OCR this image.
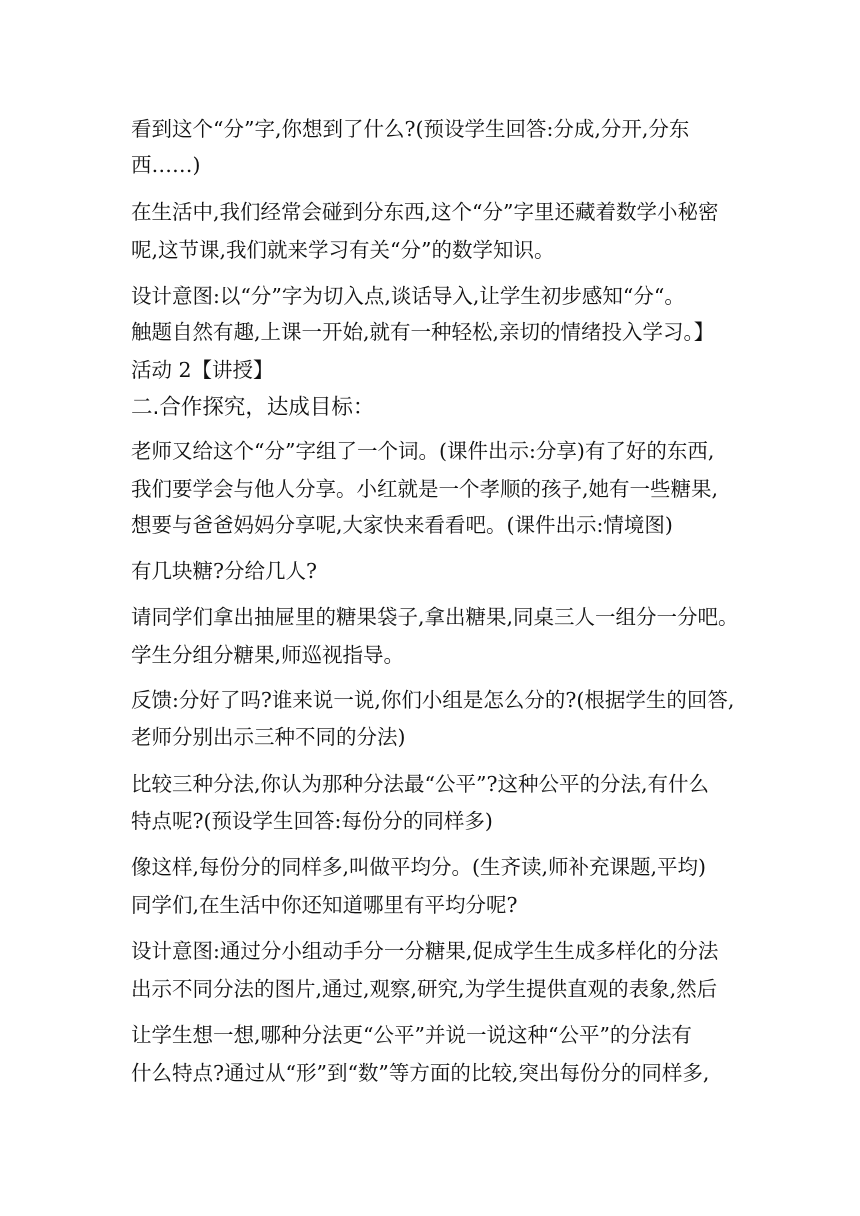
看到这个“分”字,你想到了什么?(预设学生回答:分成,分开,分东
西……)
在生活中,我们经常会碰到分东西,这个“分”字里还藏着数学小秘密
呢,这节课,我们就来学习有关“分”的数学知识。
设计意图:以“分”字为切入点,谈话导入,让学生初步感知“分“。
触题自然有趣,上课一开始,就有一种轻松,亲切的情绪投入学习。】
活动 2【讲授】
二.合作探究，达成目标：
老师又给这个“分”字组了一个词。(课件出示:分享)有了好的东西,
我们要学会与他人分享。小红就是一个孝顺的孩子,她有一些糖果,
想要与爸爸妈妈分享呢,大家快来看看吧。(课件出示:情境图)
有几块糖?分给几人?
请同学们拿出抽屉里的糖果袋子,拿出糖果,同桌三人一组分一分吧。
学生分组分糖果,师巡视指导。
反馈:分好了吗?谁来说一说,你们小组是怎么分的?(根据学生的回答,
老师分别出示三种不同的分法)
比较三种分法,你认为那种分法最“公平”?这种公平的分法,有什么
特点呢?(预设学生回答:每份分的同样多)
像这样,每份分的同样多,叫做平均分。(生齐读,师补充课题,平均)
同学们,在生活中你还知道哪里有平均分呢?
设计意图:通过分小组动手分一分糖果,促成学生生成多样化的分法
出示不同分法的图片,通过,观察,研究,为学生提供直观的表象,然后
让学生想一想,哪种分法更“公平”并说一说这种“公平”的分法有
什么特点?通过从“形”到“数”等方面的比较,突出每份分的同样多,
